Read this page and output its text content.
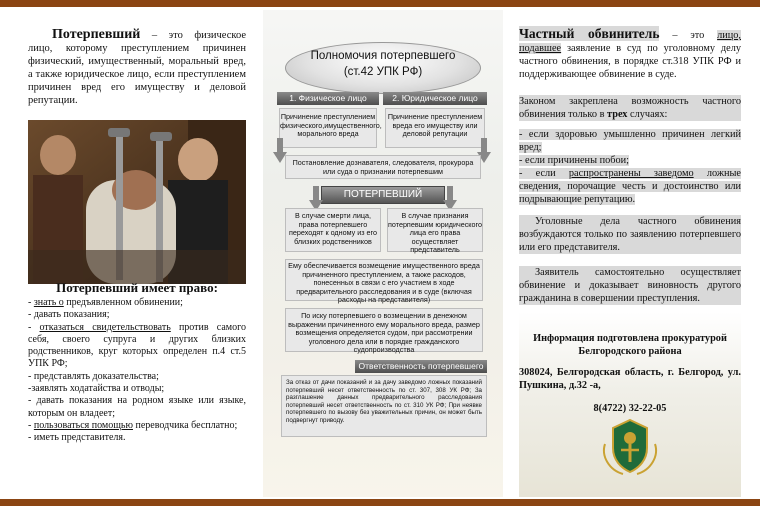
Потерпевший – это физическое лицо, которому преступлением причинен физический, имущественный, моральный вред, а также юридическое лицо, если преступлением причинен вред его имуществу и деловой репутации.

Потерпевший имеет право:
- знать о предъявленном обвинении;
- давать показания;
- отказаться свидетельствовать против самого себя, своего супруга и других близких родственников, круг которых определен п.4 ст.5 УПК РФ;
- представлять доказательства;
-заявлять ходатайства и отводы;
- давать показания на родном языке или языке, которым он владеет;
- пользоваться помощью переводчика бесплатно;
- иметь представителя.
Полномочия потерпевшего
(ст.42 УПК РФ)
1. Физическое лицо	2. Юридическое лицо
Причинение преступлением физического,имущественного, морального вреда
Причинение преступлением вреда его имуществу или деловой репутации
Постановление дознавателя, следователя, прокурора или суда о признании потерпевшим
ПОТЕРПЕВШИЙ
В случае смерти лица, права потерпевшего переходят к одному из его близких родственников
В случае признания потерпевшим юридического лица его права осуществляет представитель
Ему обеспечивается возмещение имущественного вреда причиненного преступлением, а также расходов, понесенных в связи с его участием в ходе предварительного расследования и в суде (включая расходы на представителя)
По иску потерпевшего о возмещении в денежном выражении причиненного ему морального вреда, размер возмещения определяется судом, при рассмотрении уголовного дела или в порядке гражданского судопроизводства
Ответственность потерпевшего
За отказ от дачи показаний и за дачу заведомо ложных показаний потерпевший несет ответственность по ст. 307, 308 УК РФ; За разглашение данных предварительного расследования потерпевший несет ответственность по ст. 310 УК РФ; При неявке потерпевшего по вызову без уважительных причин, он может быть подвергнут приводу.

Частный обвинитель – это лицо, подавшее заявление в суд по уголовному делу частного обвинения, в порядке ст.318 УПК РФ и поддерживающее обвинение в суде.

Законом закреплена возможность частного обвинения только в трех случаях:

- если здоровью умышленно причинен легкий вред;
- если причинены побои;
- если распространены заведомо ложные сведения, порочащие честь и достоинство или подрывающие репутацию.

Уголовные дела частного обвинения возбуждаются только по заявлению потерпевшего или его представителя.

Заявитель самостоятельно осуществляет обвинение и доказывает виновность другого гражданина в совершении преступления.

Информация подготовлена прокуратурой Белгородского района

308024, Белгородская область, г. Белгород, ул. Пушкина, д.32 -а,

8(4722) 32-22-05
